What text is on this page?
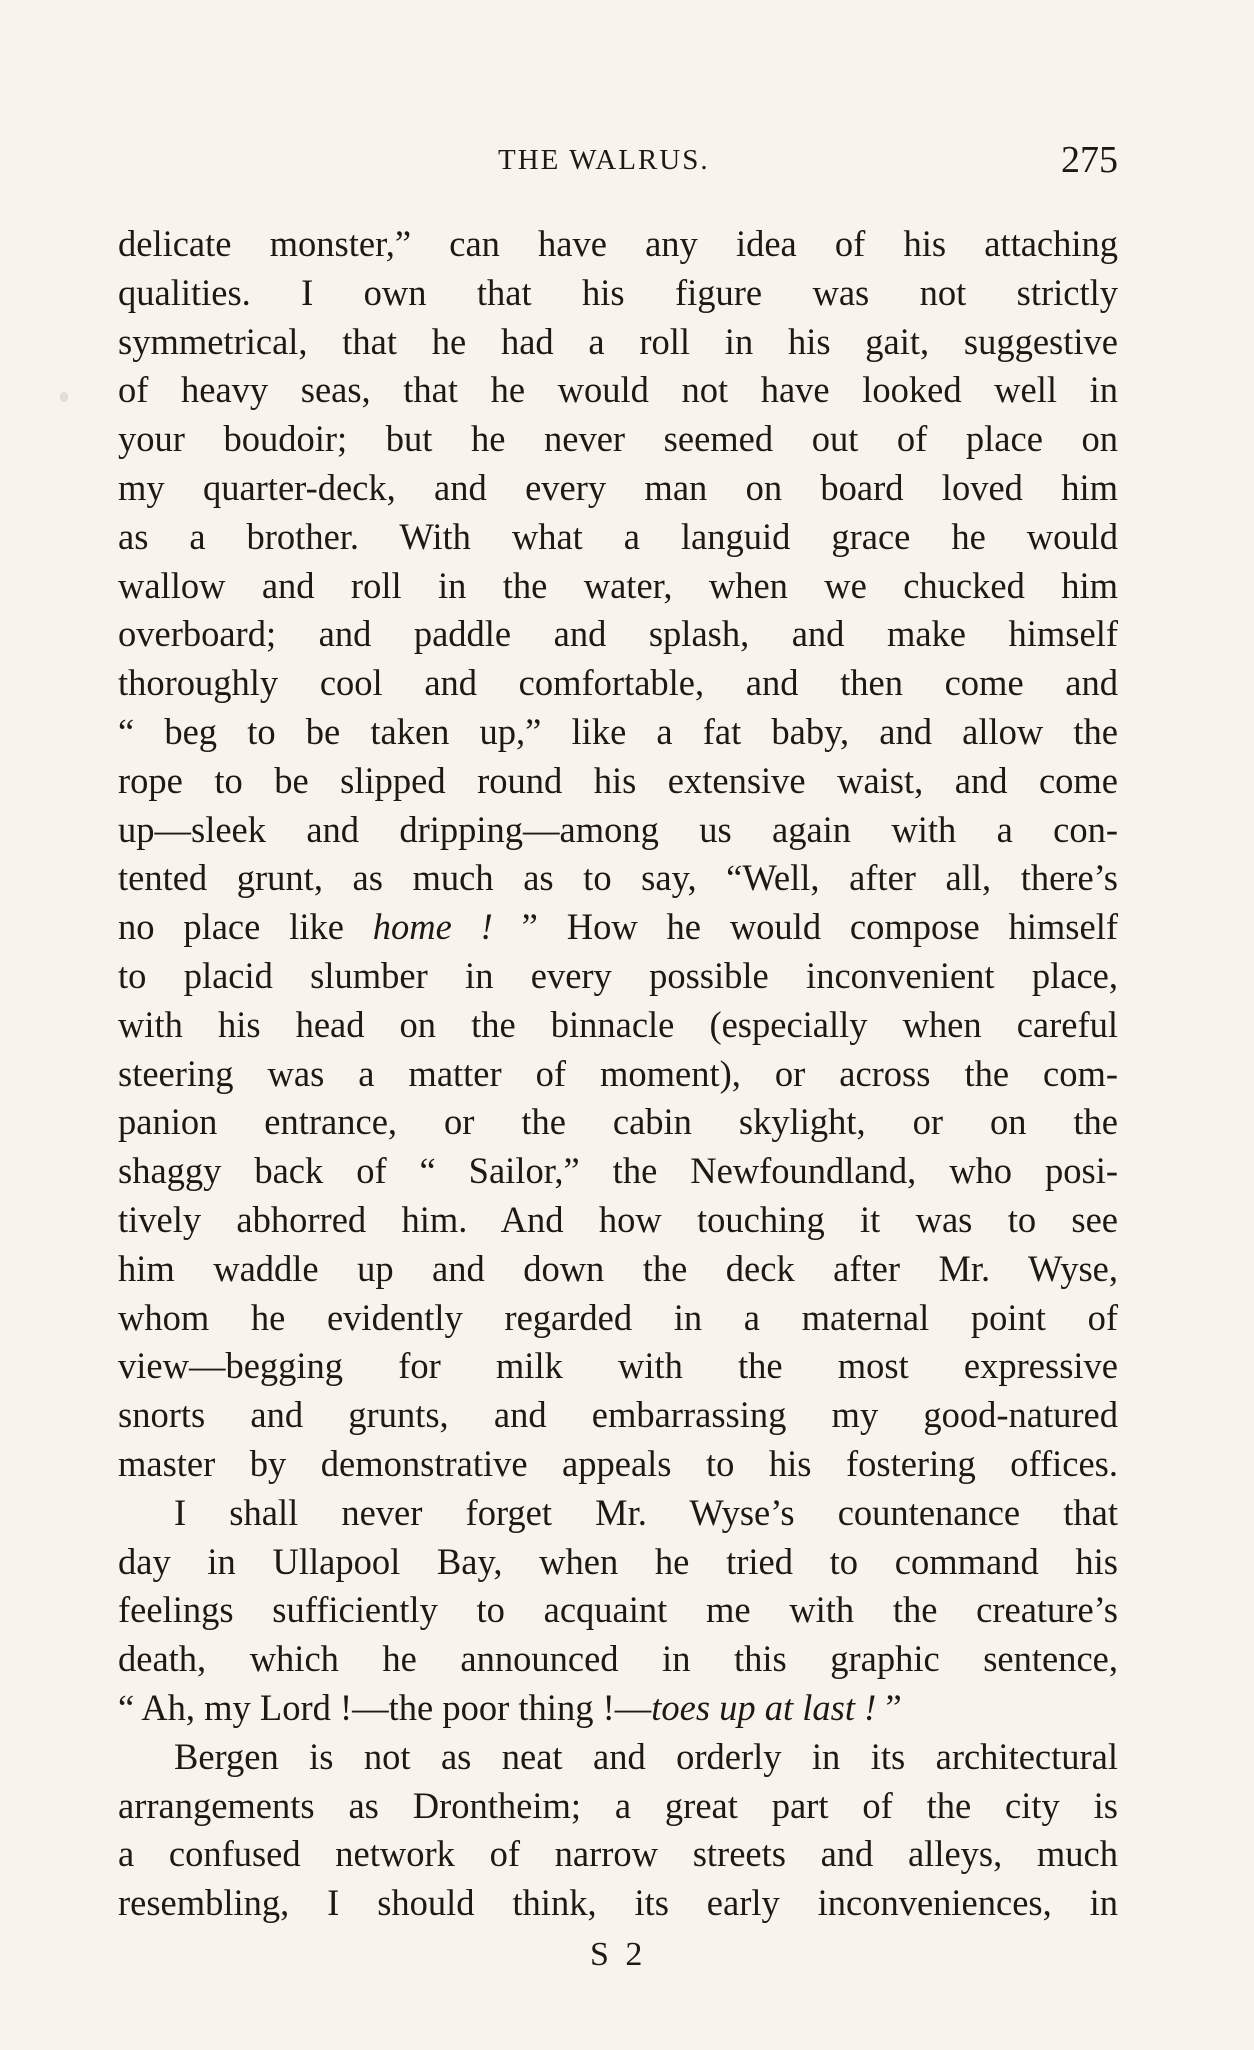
THE WALRUS.	275
delicate monster,” can have any idea of his attaching
qualities. I own that his figure was not strictly
symmetrical, that he had a roll in his gait, suggestive
of heavy seas, that he would not have looked well in
your boudoir; but he never seemed out of place on
my quarter-deck, and every man on board loved him
as a brother. With what a languid grace he would
wallow and roll in the water, when we chucked him
overboard; and paddle and splash, and make himself
thoroughly cool and comfortable, and then come and
“ beg to be taken up,” like a fat baby, and allow the
rope to be slipped round his extensive waist, and come
up—sleek and dripping—among us again with a con-
tented grunt, as much as to say, “Well, after all, there’s
no place like home ! ” How he would compose himself
to placid slumber in every possible inconvenient place,
with his head on the binnacle (especially when careful
steering was a matter of moment), or across the com-
panion entrance, or the cabin skylight, or on the
shaggy back of “ Sailor,” the Newfoundland, who posi-
tively abhorred him. And how touching it was to see
him waddle up and down the deck after Mr. Wyse,
whom he evidently regarded in a maternal point of
view—begging for milk with the most expressive
snorts and grunts, and embarrassing my good-natured
master by demonstrative appeals to his fostering offices.
I shall never forget Mr. Wyse’s countenance that
day in Ullapool Bay, when he tried to command his
feelings sufficiently to acquaint me with the creature’s
death, which he announced in this graphic sentence,
“ Ah, my Lord !—the poor thing !—toes up at last ! ”
Bergen is not as neat and orderly in its architectural
arrangements as Drontheim; a great part of the city is
a confused network of narrow streets and alleys, much
resembling, I should think, its early inconveniences, in
S 2
